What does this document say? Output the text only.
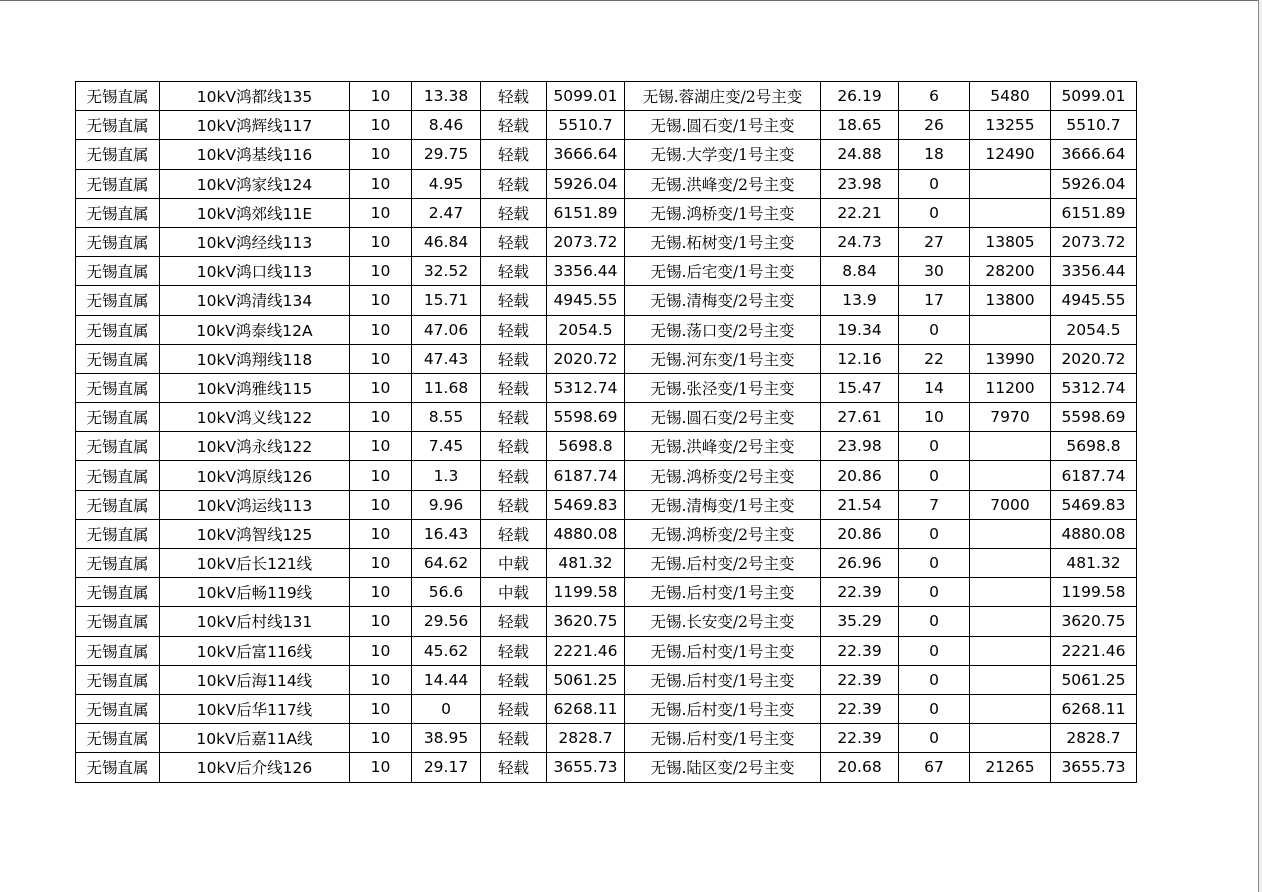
无锡直属	10kV鸿都线135	10	13.38	轻载	5099.01	无锡.蓉湖庄变/2号主变	26.19	6	5480	5099.01
无锡直属	10kV鸿辉线117	10	8.46	轻载	5510.7	无锡.圆石变/1号主变	18.65	26	13255	5510.7
无锡直属	10kV鸿基线116	10	29.75	轻载	3666.64	无锡.大学变/1号主变	24.88	18	12490	3666.64
无锡直属	10kV鸿家线124	10	4.95	轻载	5926.04	无锡.洪峰变/2号主变	23.98	0		5926.04
无锡直属	10kV鸿郊线11E	10	2.47	轻载	6151.89	无锡.鸿桥变/1号主变	22.21	0		6151.89
无锡直属	10kV鸿经线113	10	46.84	轻载	2073.72	无锡.柘树变/1号主变	24.73	27	13805	2073.72
无锡直属	10kV鸿口线113	10	32.52	轻载	3356.44	无锡.后宅变/1号主变	8.84	30	28200	3356.44
无锡直属	10kV鸿清线134	10	15.71	轻载	4945.55	无锡.清梅变/2号主变	13.9	17	13800	4945.55
无锡直属	10kV鸿泰线12A	10	47.06	轻载	2054.5	无锡.荡口变/2号主变	19.34	0		2054.5
无锡直属	10kV鸿翔线118	10	47.43	轻载	2020.72	无锡.河东变/1号主变	12.16	22	13990	2020.72
无锡直属	10kV鸿雅线115	10	11.68	轻载	5312.74	无锡.张泾变/1号主变	15.47	14	11200	5312.74
无锡直属	10kV鸿义线122	10	8.55	轻载	5598.69	无锡.圆石变/2号主变	27.61	10	7970	5598.69
无锡直属	10kV鸿永线122	10	7.45	轻载	5698.8	无锡.洪峰变/2号主变	23.98	0		5698.8
无锡直属	10kV鸿原线126	10	1.3	轻载	6187.74	无锡.鸿桥变/2号主变	20.86	0		6187.74
无锡直属	10kV鸿运线113	10	9.96	轻载	5469.83	无锡.清梅变/1号主变	21.54	7	7000	5469.83
无锡直属	10kV鸿智线125	10	16.43	轻载	4880.08	无锡.鸿桥变/2号主变	20.86	0		4880.08
无锡直属	10kV后长121线	10	64.62	中载	481.32	无锡.后村变/2号主变	26.96	0		481.32
无锡直属	10kV后畅119线	10	56.6	中载	1199.58	无锡.后村变/1号主变	22.39	0		1199.58
无锡直属	10kV后村线131	10	29.56	轻载	3620.75	无锡.长安变/2号主变	35.29	0		3620.75
无锡直属	10kV后富116线	10	45.62	轻载	2221.46	无锡.后村变/1号主变	22.39	0		2221.46
无锡直属	10kV后海114线	10	14.44	轻载	5061.25	无锡.后村变/1号主变	22.39	0		5061.25
无锡直属	10kV后华117线	10	0	轻载	6268.11	无锡.后村变/1号主变	22.39	0		6268.11
无锡直属	10kV后嘉11A线	10	38.95	轻载	2828.7	无锡.后村变/1号主变	22.39	0		2828.7
无锡直属	10kV后介线126	10	29.17	轻载	3655.73	无锡.陆区变/2号主变	20.68	67	21265	3655.73
